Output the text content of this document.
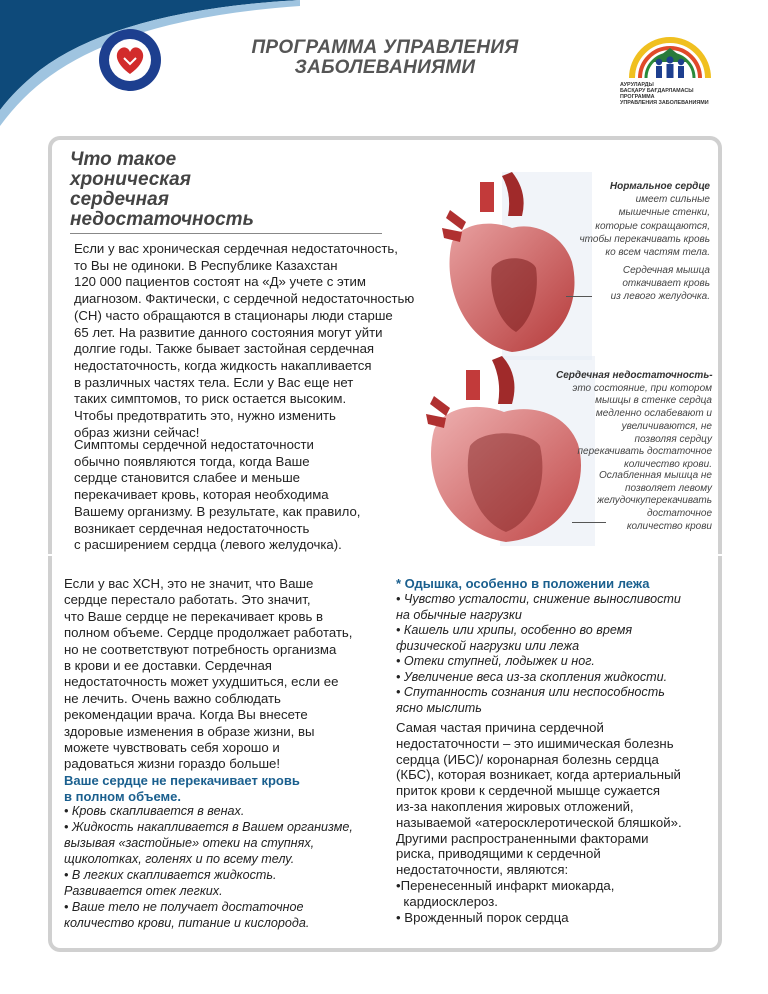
ПРОГРАММА УПРАВЛЕНИЯ
ЗАБОЛЕВАНИЯМИ
АУРУЛАРДЫ
БАСҚАРУ БАҒДАРЛАМАСЫ
ПРОГРАММА
УПРАВЛЕНИЯ ЗАБОЛЕВАНИЯМИ
Что такое
хроническая
сердечная
недостаточность
Если у вас хроническая сердечная недостаточность,
то Вы не одиноки. В Республике Казахстан
120 000 пациентов состоят на «Д» учете с этим
диагнозом. Фактически, с сердечной недостаточностью
(СН) часто обращаются в стационары люди старше
65 лет. На развитие данного состояния могут уйти
долгие годы. Также бывает застойная сердечная
недостаточность, когда жидкость накапливается
в различных частях тела. Если у Вас еще нет
таких симптомов, то риск остается высоким.
Чтобы предотвратить это, нужно изменить
образ жизни сейчас!
Симптомы сердечной недостаточности
обычно появляются тогда, когда Ваше
сердце становится слабее и меньше
перекачивает кровь, которая необходима
Вашему организму. В результате, как правило,
возникает сердечная недостаточность
с расширением сердца (левого желудочка).
Нормальное сердце
имеет сильные
мышечные стенки,
которые сокращаются,
чтобы перекачивать кровь
ко всем частям тела.
Сердечная мышца
откачивает кровь
из левого желудочка.
Сердечная недостаточность-
это состояние, при котором
мышцы в стенке сердца
медленно ослабевают и
увеличиваются, не
позволяя сердцу
перекачивать достаточное
количество крови.
Ослабленная мышца не
позволяет левому
желудочкуперекачивать
достаточное
количество крови
Если у вас ХСН, это не значит, что Ваше
сердце перестало работать. Это значит,
что Ваше сердце не перекачивает кровь в
полном объеме. Сердце продолжает работать,
но не соответствуют потребность организма
в крови и ее доставки. Сердечная
недостаточность может ухудшиться, если ее
не лечить. Очень важно соблюдать
рекомендации врача. Когда Вы внесете
здоровые изменения в образе жизни, вы
можете чувствовать себя хорошо и
радоваться жизни гораздо больше!
Ваше сердце не перекачивает кровь
в полном объеме.
• Кровь скапливается в венах.
• Жидкость накапливается в Вашем организме,
вызывая «застойные» отеки на ступнях,
щиколотках, голенях и по всему телу.
• В легких скапливается жидкость.
Развивается отек легких.
• Ваше тело не получает достаточное
количество крови, питание и кислорода.
* Одышка, особенно в положении лежа
• Чувство усталости, снижение выносливости
на обычные нагрузки
• Кашель или хрипы, особенно во время
физической нагрузки или лежа
• Отеки ступней, лодыжек и ног.
• Увеличение веса из-за скопления жидкости.
• Спутанность сознания или неспособность
ясно мыслить
Самая частая причина сердечной
недостаточности – это ишимическая болезнь
сердца (ИБС)/ коронарная болезнь сердца
(КБС), которая возникает, когда артериальный
приток крови к сердечной мышце сужается
из-за накопления жировых отложений,
называемой «атеросклеротической бляшкой».
Другими распространенными факторами
риска, приводящими к сердечной
недостаточности, являются:
•Перенесенный инфаркт миокарда,
кардиосклероз.
• Врожденный порок сердца
